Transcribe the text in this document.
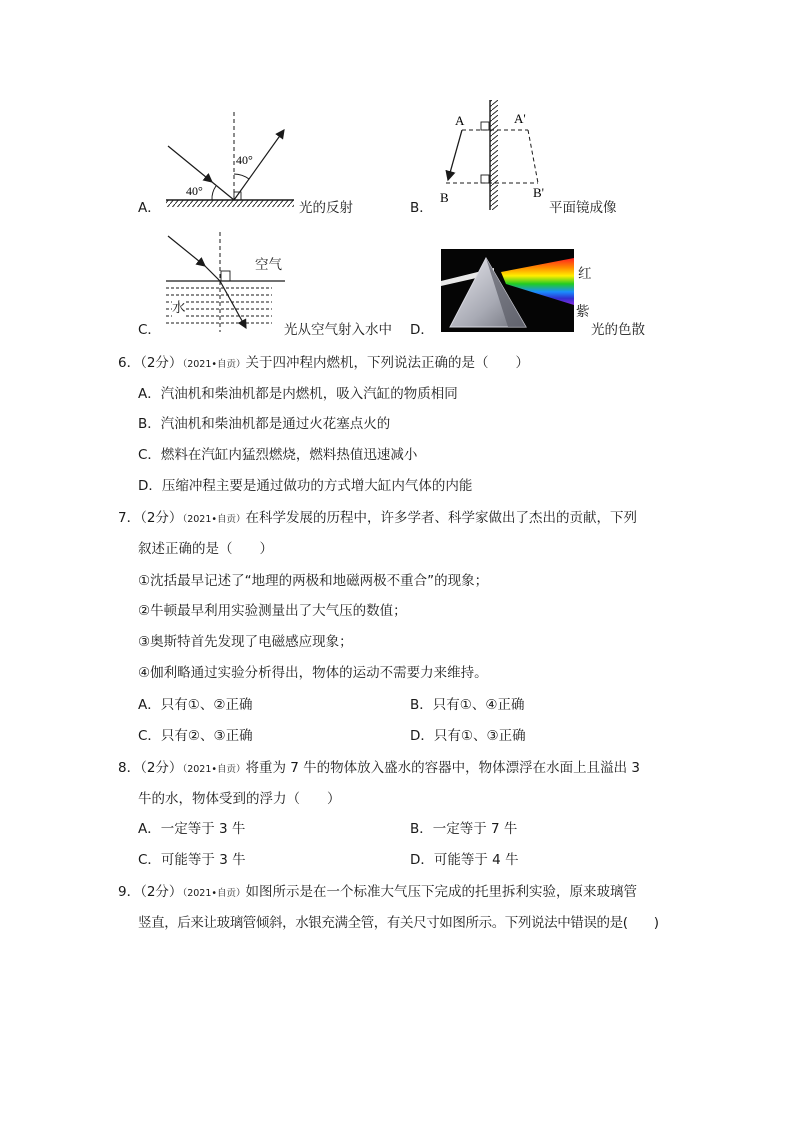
A．
40°
40°
光的反射	B．
A	A'
B	B'
平面镜成像
C．
空气
水
光从空气射入水中 D．
红
紫
光的色散
6．（2分）（2021•自贡）关于四冲程内燃机，下列说法正确的是（　　）
A．汽油机和柴油机都是内燃机，吸入汽缸的物质相同
B．汽油机和柴油机都是通过火花塞点火的
C．燃料在汽缸内猛烈燃烧，燃料热值迅速减小
D．压缩冲程主要是通过做功的方式增大缸内气体的内能
7．（2分）（2021•自贡）在科学发展的历程中，许多学者、科学家做出了杰出的贡献，下列
叙述正确的是（　　）
①沈括最早记述了“地理的两极和地磁两极不重合”的现象；
②牛顿最早利用实验测量出了大气压的数值；
③奥斯特首先发现了电磁感应现象；
④伽利略通过实验分析得出，物体的运动不需要力来维持。
A．只有①、②正确	B．只有①、④正确
C．只有②、③正确	D．只有①、③正确
8．（2分）（2021•自贡）将重为 7 牛的物体放入盛水的容器中，物体漂浮在水面上且溢出 3
牛的水，物体受到的浮力（　　）
A．一定等于 3 牛	B．一定等于 7 牛
C．可能等于 3 牛	D．可能等于 4 牛
9．（2分）（2021•自贡）如图所示是在一个标准大气压下完成的托里拆利实验，原来玻璃管
竖直，后来让玻璃管倾斜，水银充满全管，有关尺寸如图所示。下列说法中错误的是(　　)
